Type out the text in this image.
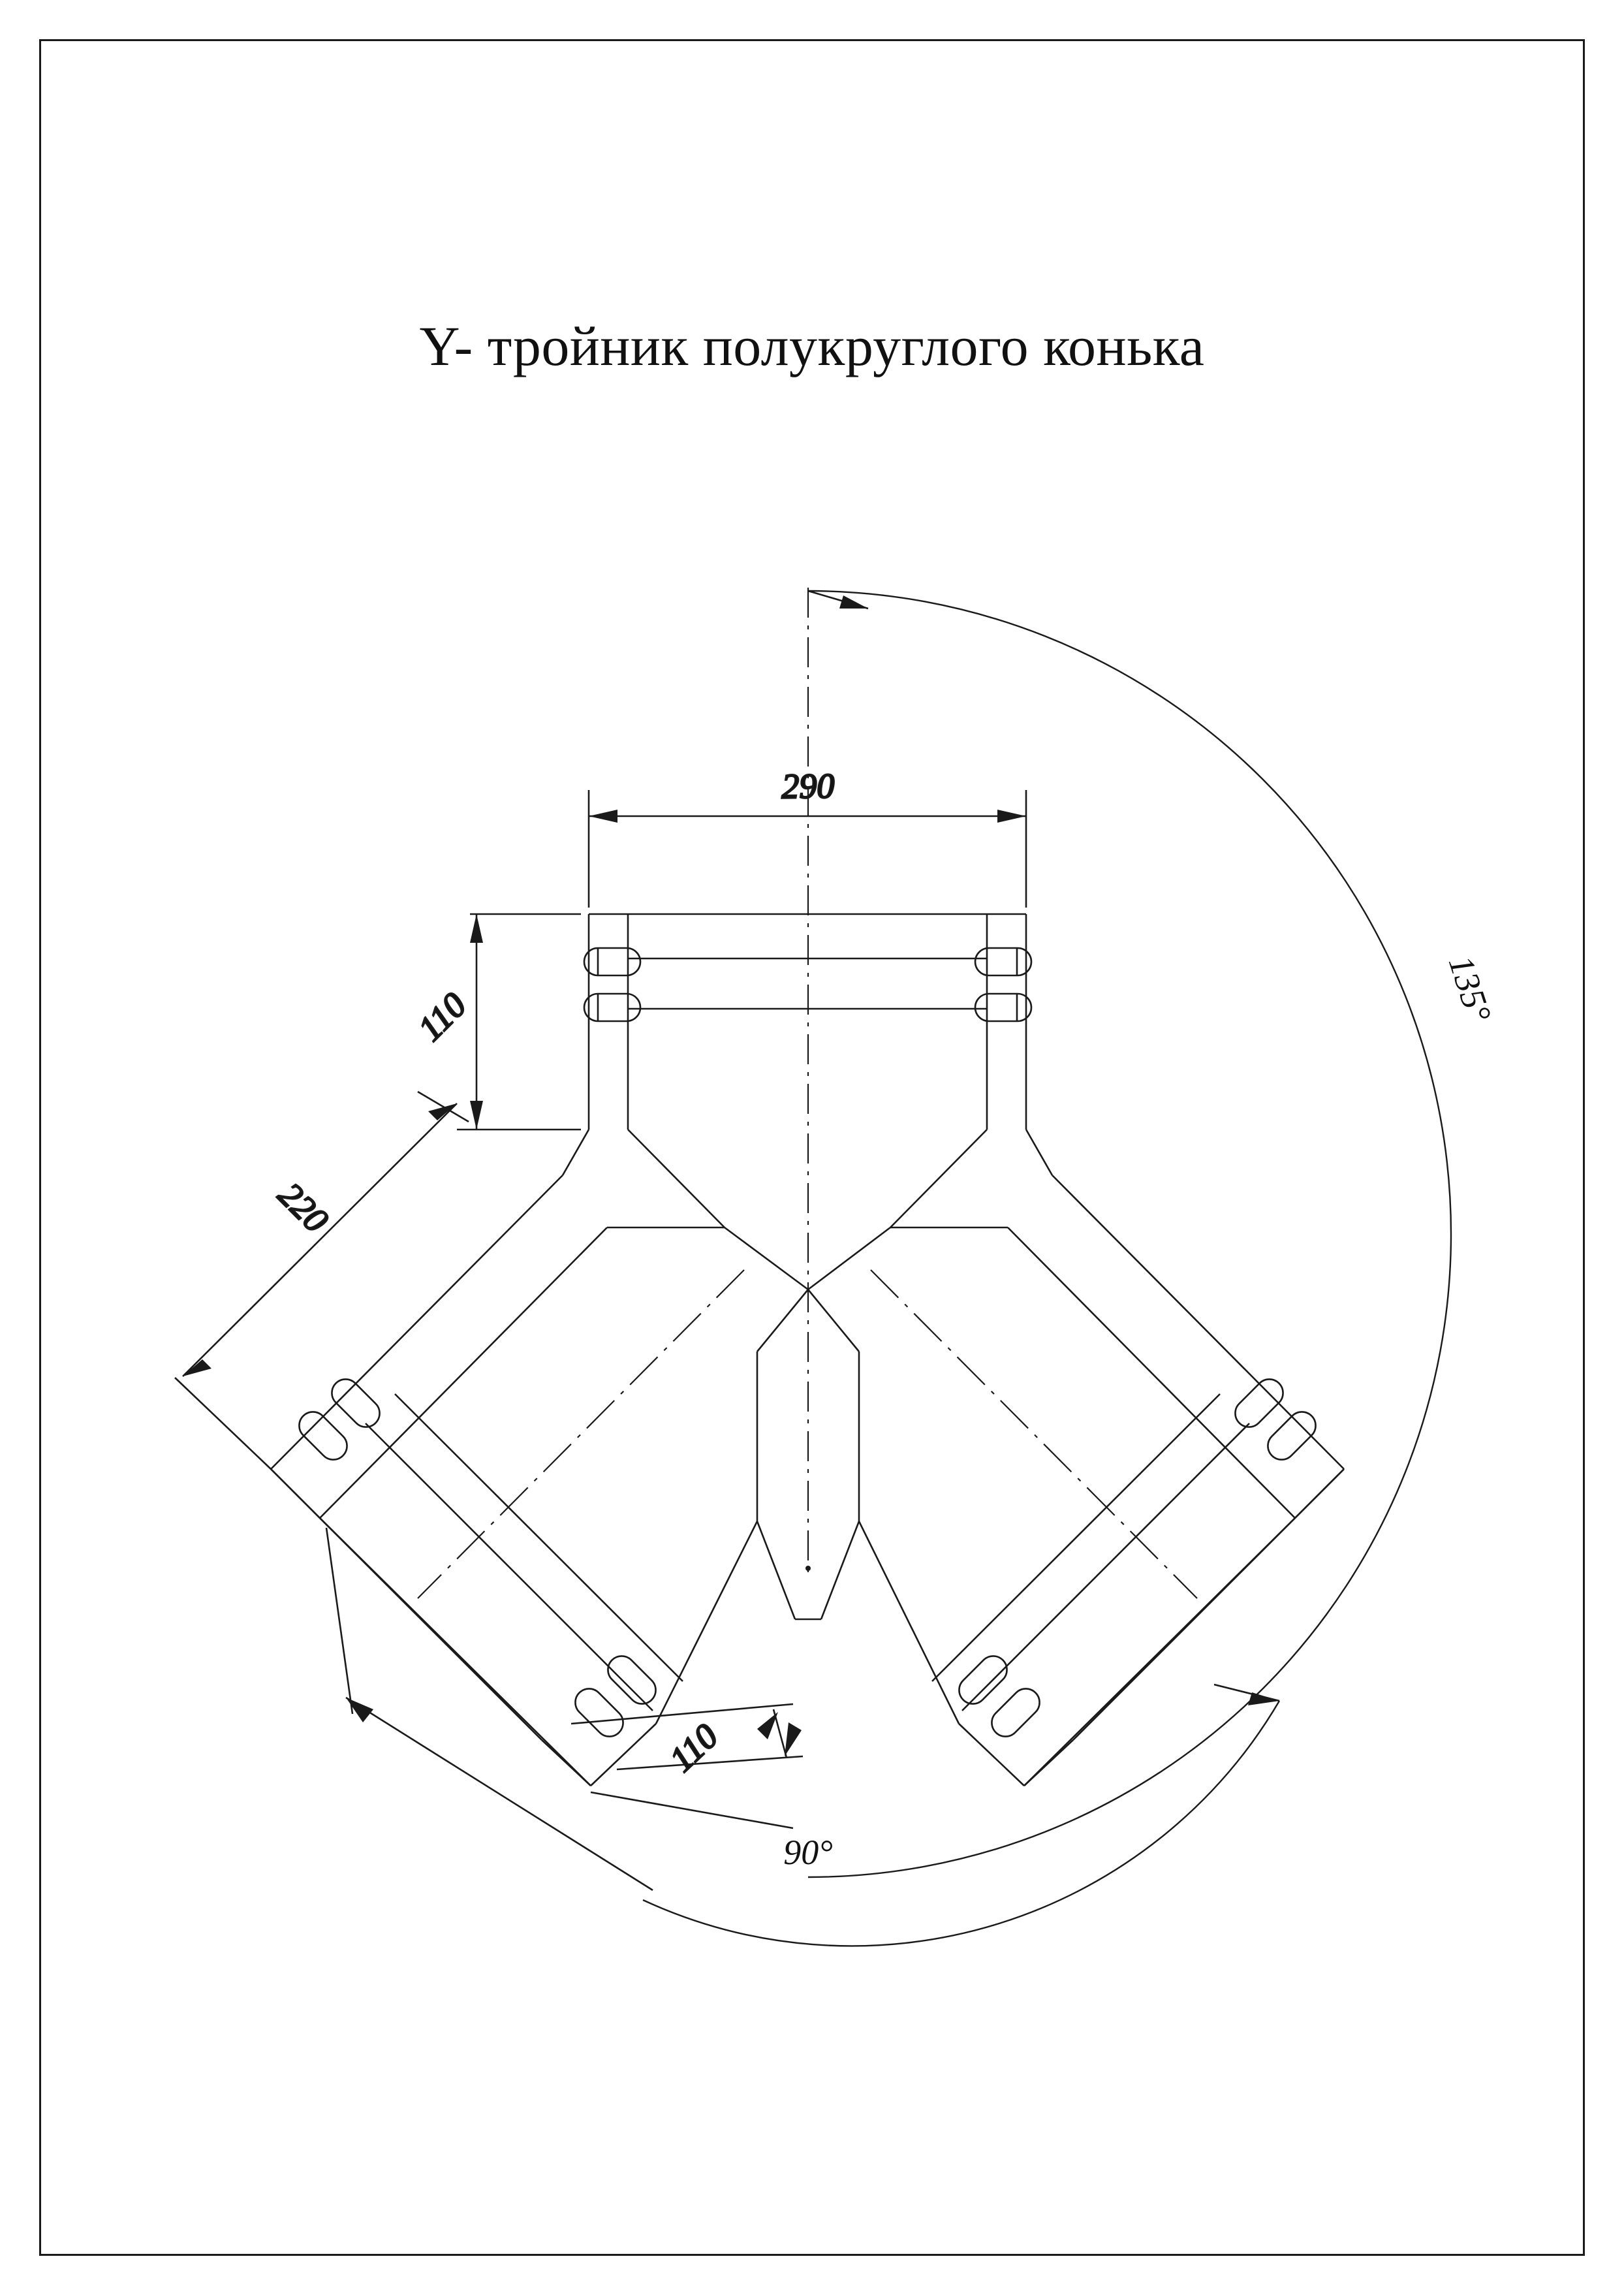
Y- тройник полукруглого конька
290
110
220
110
135°
90°
